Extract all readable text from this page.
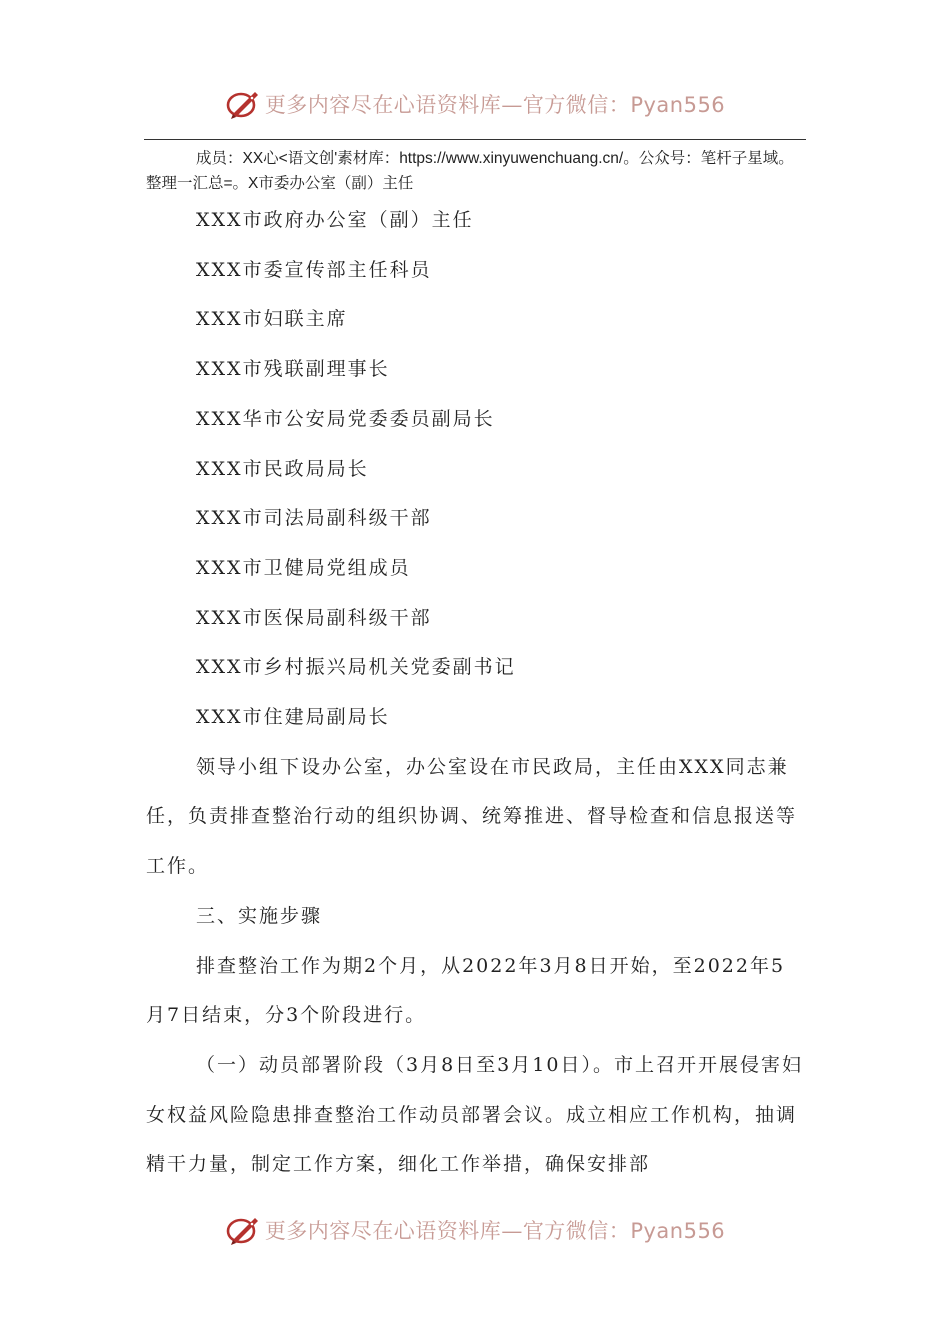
更多内容尽在心语资料库—官方微信：Pyan556

成员：XX心<语文创'素材库：https://www.xinyuwenchuang.cn/。公众号：笔杆子星域。整理一汇总=。X市委办公室（副）主任

XXX市政府办公室（副）主任

XXX市委宣传部主任科员

XXX市妇联主席

XXX市残联副理事长

XXX华市公安局党委委员副局长

XXX市民政局局长

XXX市司法局副科级干部

XXX市卫健局党组成员

XXX市医保局副科级干部

XXX市乡村振兴局机关党委副书记

XXX市住建局副局长

领导小组下设办公室，办公室设在市民政局，主任由XXX同志兼任，负责排查整治行动的组织协调、统筹推进、督导检查和信息报送等工作。

三、实施步骤

排查整治工作为期2个月，从2022年3月8日开始，至2022年5月7日结束，分3个阶段进行。

（一）动员部署阶段（3月8日至3月10日）。市上召开开展侵害妇女权益风险隐患排查整治工作动员部署会议。成立相应工作机构，抽调精干力量，制定工作方案，细化工作举措，确保安排部

更多内容尽在心语资料库—官方微信：Pyan556
